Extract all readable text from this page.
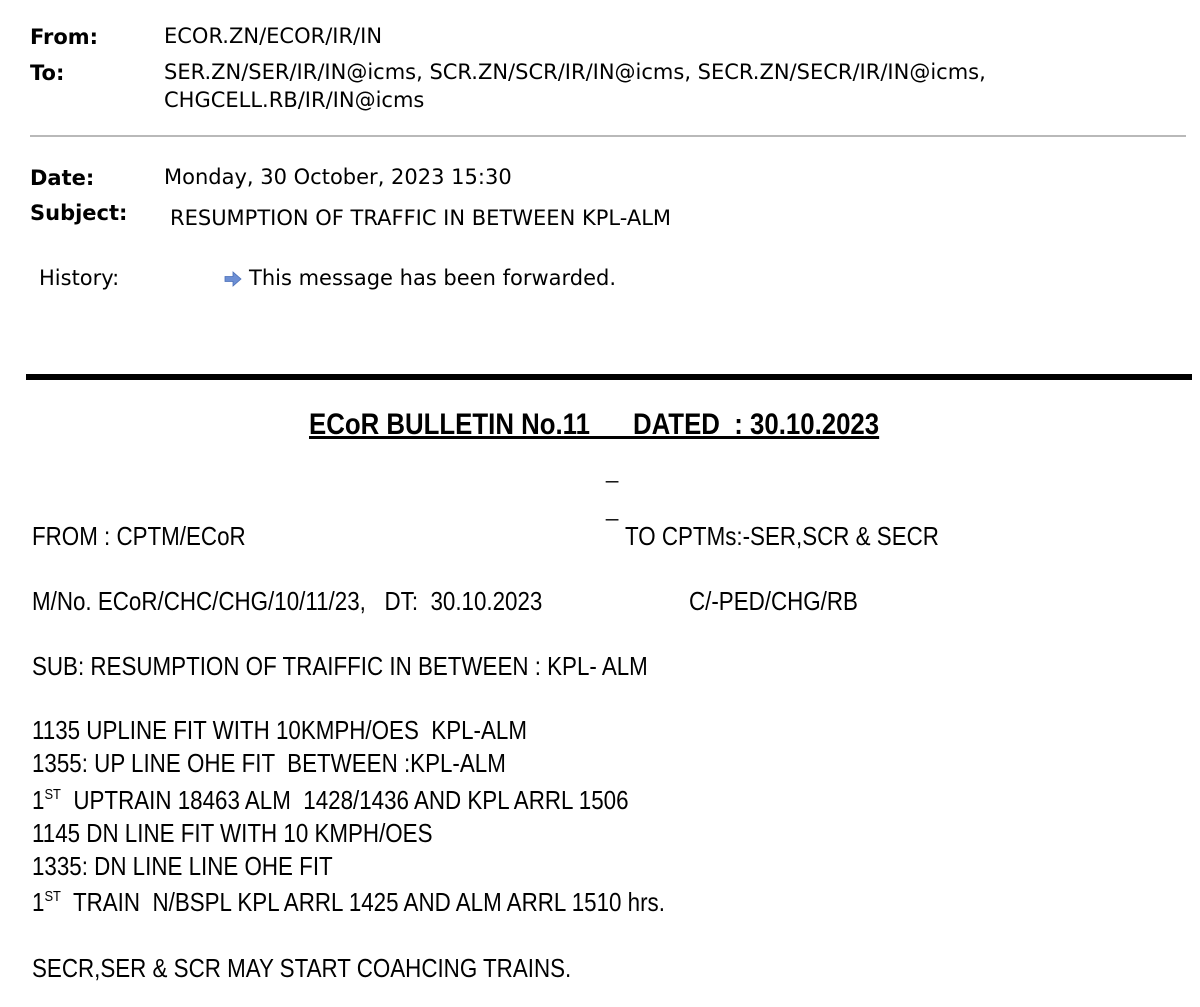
From:	ECOR.ZN/ECOR/IR/IN
To:	SER.ZN/SER/IR/IN@icms, SCR.ZN/SCR/IR/IN@icms, SECR.ZN/SECR/IR/IN@icms,
CHGCELL.RB/IR/IN@icms
Date:	Monday, 30 October, 2023 15:30
Subject: RESUMPTION OF TRAFFIC IN BETWEEN KPL-ALM
History:	This message has been forwarded.
ECoR BULLETIN No.11      DATED  : 30.10.2023
_
_
FROM : CPTM/ECoR	TO CPTMs:-SER,SCR & SECR
M/No. ECoR/CHC/CHG/10/11/23,   DT:  30.10.2023	C/-PED/CHG/RB
SUB: RESUMPTION OF TRAIFFIC IN BETWEEN : KPL- ALM
1135 UPLINE FIT WITH 10KMPH/OES  KPL-ALM
1355: UP LINE OHE FIT  BETWEEN :KPL-ALM
1ST  UPTRAIN 18463 ALM  1428/1436 AND KPL ARRL 1506
1145 DN LINE FIT WITH 10 KMPH/OES
1335: DN LINE LINE OHE FIT
1ST  TRAIN  N/BSPL KPL ARRL 1425 AND ALM ARRL 1510 hrs.
SECR,SER & SCR MAY START COAHCING TRAINS.
